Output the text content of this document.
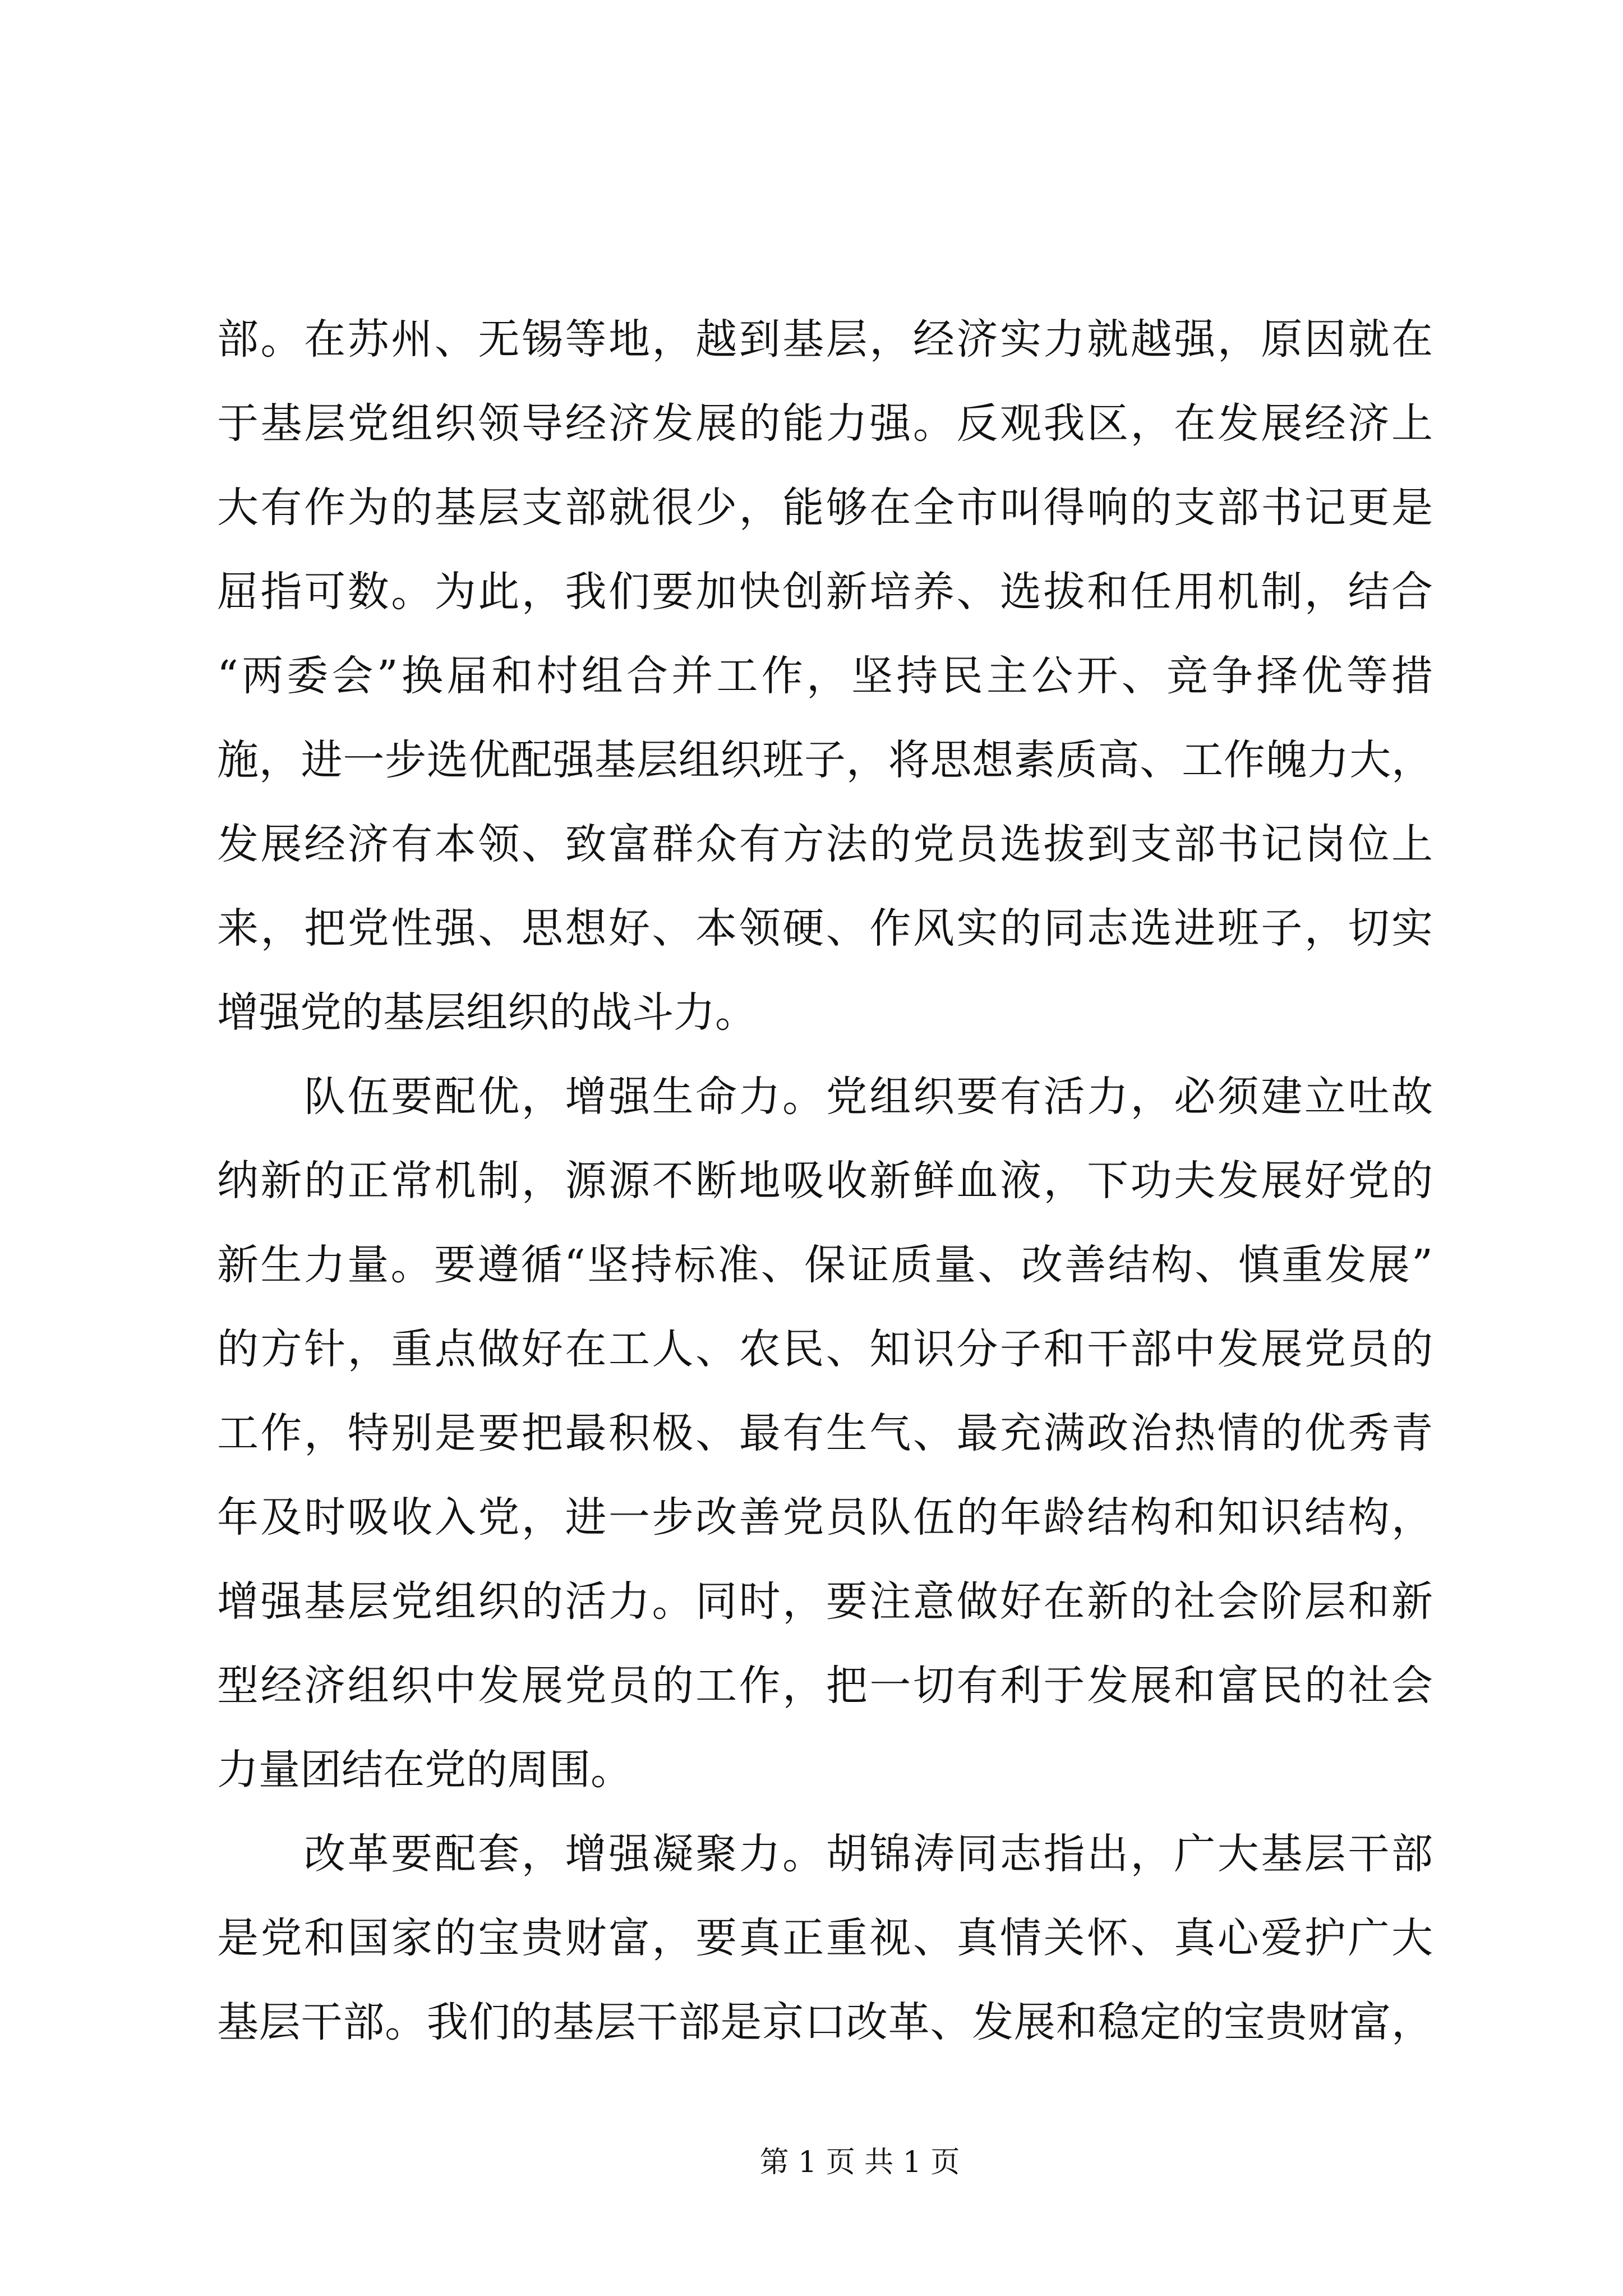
部。在苏州、无锡等地，越到基层，经济实力就越强，原因就在
于基层党组织领导经济发展的能力强。反观我区，在发展经济上
大有作为的基层支部就很少，能够在全市叫得响的支部书记更是
屈指可数。为此，我们要加快创新培养、选拔和任用机制，结合
“两委会”换届和村组合并工作，坚持民主公开、竞争择优等措
施，进一步选优配强基层组织班子，将思想素质高、工作魄力大，
发展经济有本领、致富群众有方法的党员选拔到支部书记岗位上
来，把党性强、思想好、本领硬、作风实的同志选进班子，切实
增强党的基层组织的战斗力。
队伍要配优，增强生命力。党组织要有活力，必须建立吐故
纳新的正常机制，源源不断地吸收新鲜血液，下功夫发展好党的
新生力量。要遵循“坚持标准、保证质量、改善结构、慎重发展”
的方针，重点做好在工人、农民、知识分子和干部中发展党员的
工作，特别是要把最积极、最有生气、最充满政治热情的优秀青
年及时吸收入党，进一步改善党员队伍的年龄结构和知识结构，
增强基层党组织的活力。同时，要注意做好在新的社会阶层和新
型经济组织中发展党员的工作，把一切有利于发展和富民的社会
力量团结在党的周围。
改革要配套，增强凝聚力。胡锦涛同志指出，广大基层干部
是党和国家的宝贵财富，要真正重视、真情关怀、真心爱护广大
基层干部。我们的基层干部是京口改革、发展和稳定的宝贵财富，
第 1 页 共 1 页
